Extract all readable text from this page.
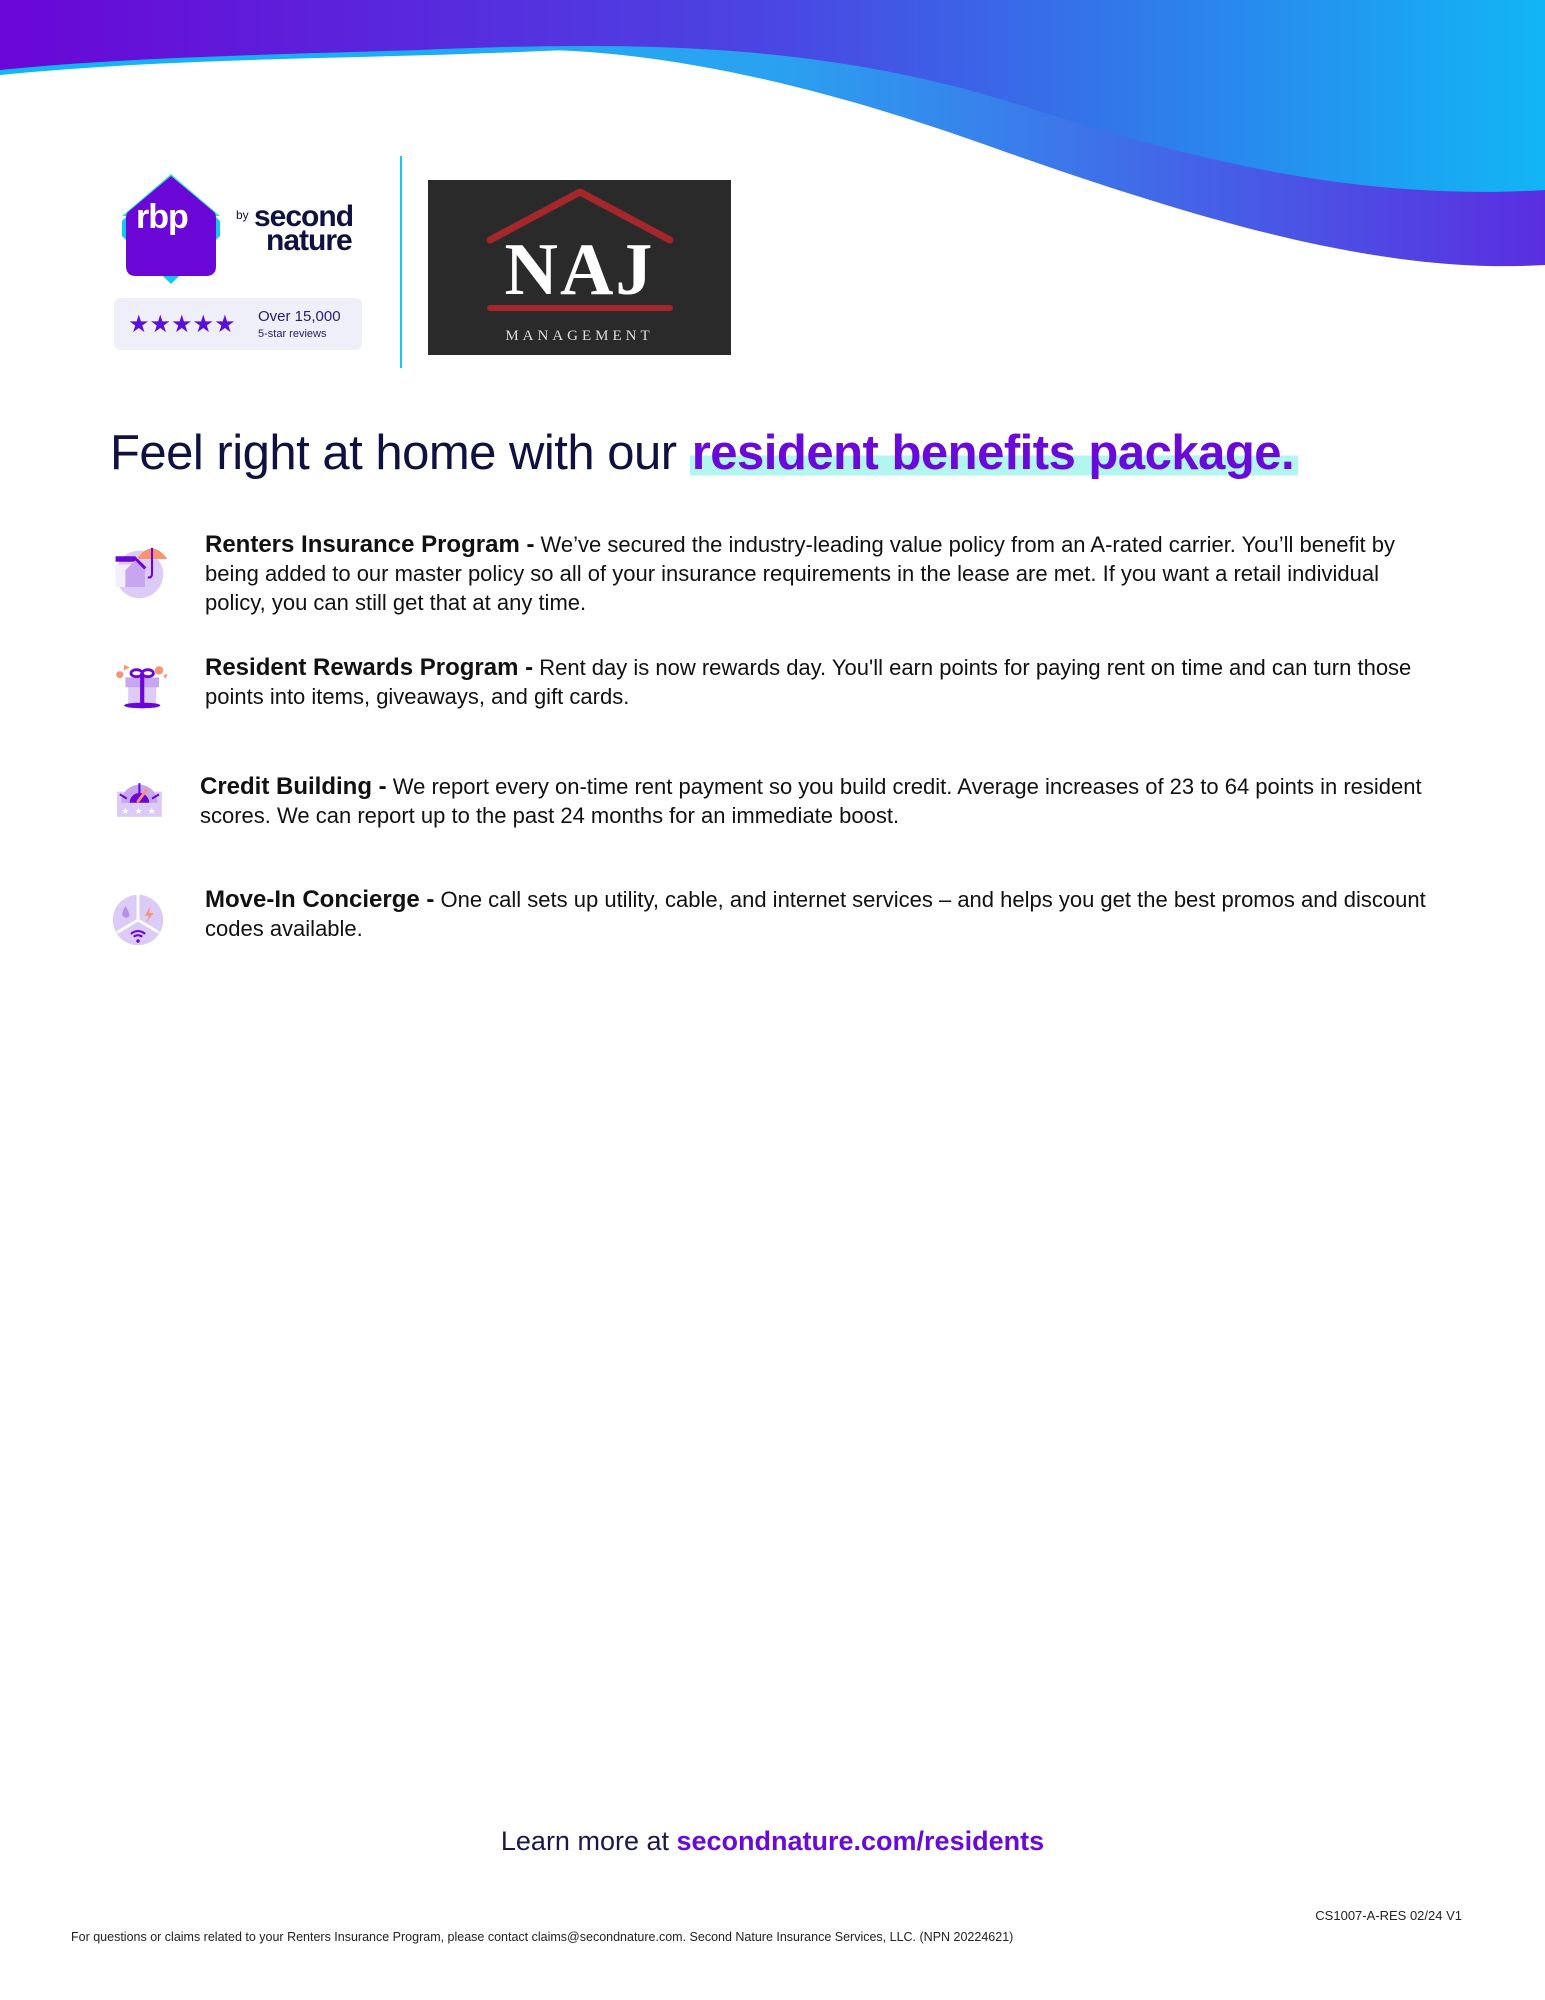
rbp	by second
nature
★★★★★ Over 15,000
5-star reviews
NAJ
MANAGEMENT
Feel right at home with our resident benefits package.
Renters Insurance Program - We’ve secured the industry-leading value policy from an A-rated carrier. You’ll benefit by being added to our master policy so all of your insurance requirements in the lease are met. If you want a retail individual policy, you can still get that at any time.
Resident Rewards Program - Rent day is now rewards day. You'll earn points for paying rent on time and can turn those points into items, giveaways, and gift cards.
★ ★ ★
Credit Building - We report every on-time rent payment so you build credit. Average increases of 23 to 64 points in resident scores. We can report up to the past 24 months for an immediate boost.
Move-In Concierge - One call sets up utility, cable, and internet services – and helps you get the best promos and discount codes available.
Learn more at secondnature.com/residents
CS1007-A-RES 02/24 V1
For questions or claims related to your Renters Insurance Program, please contact claims@secondnature.com. Second Nature Insurance Services, LLC. (NPN 20224621)
